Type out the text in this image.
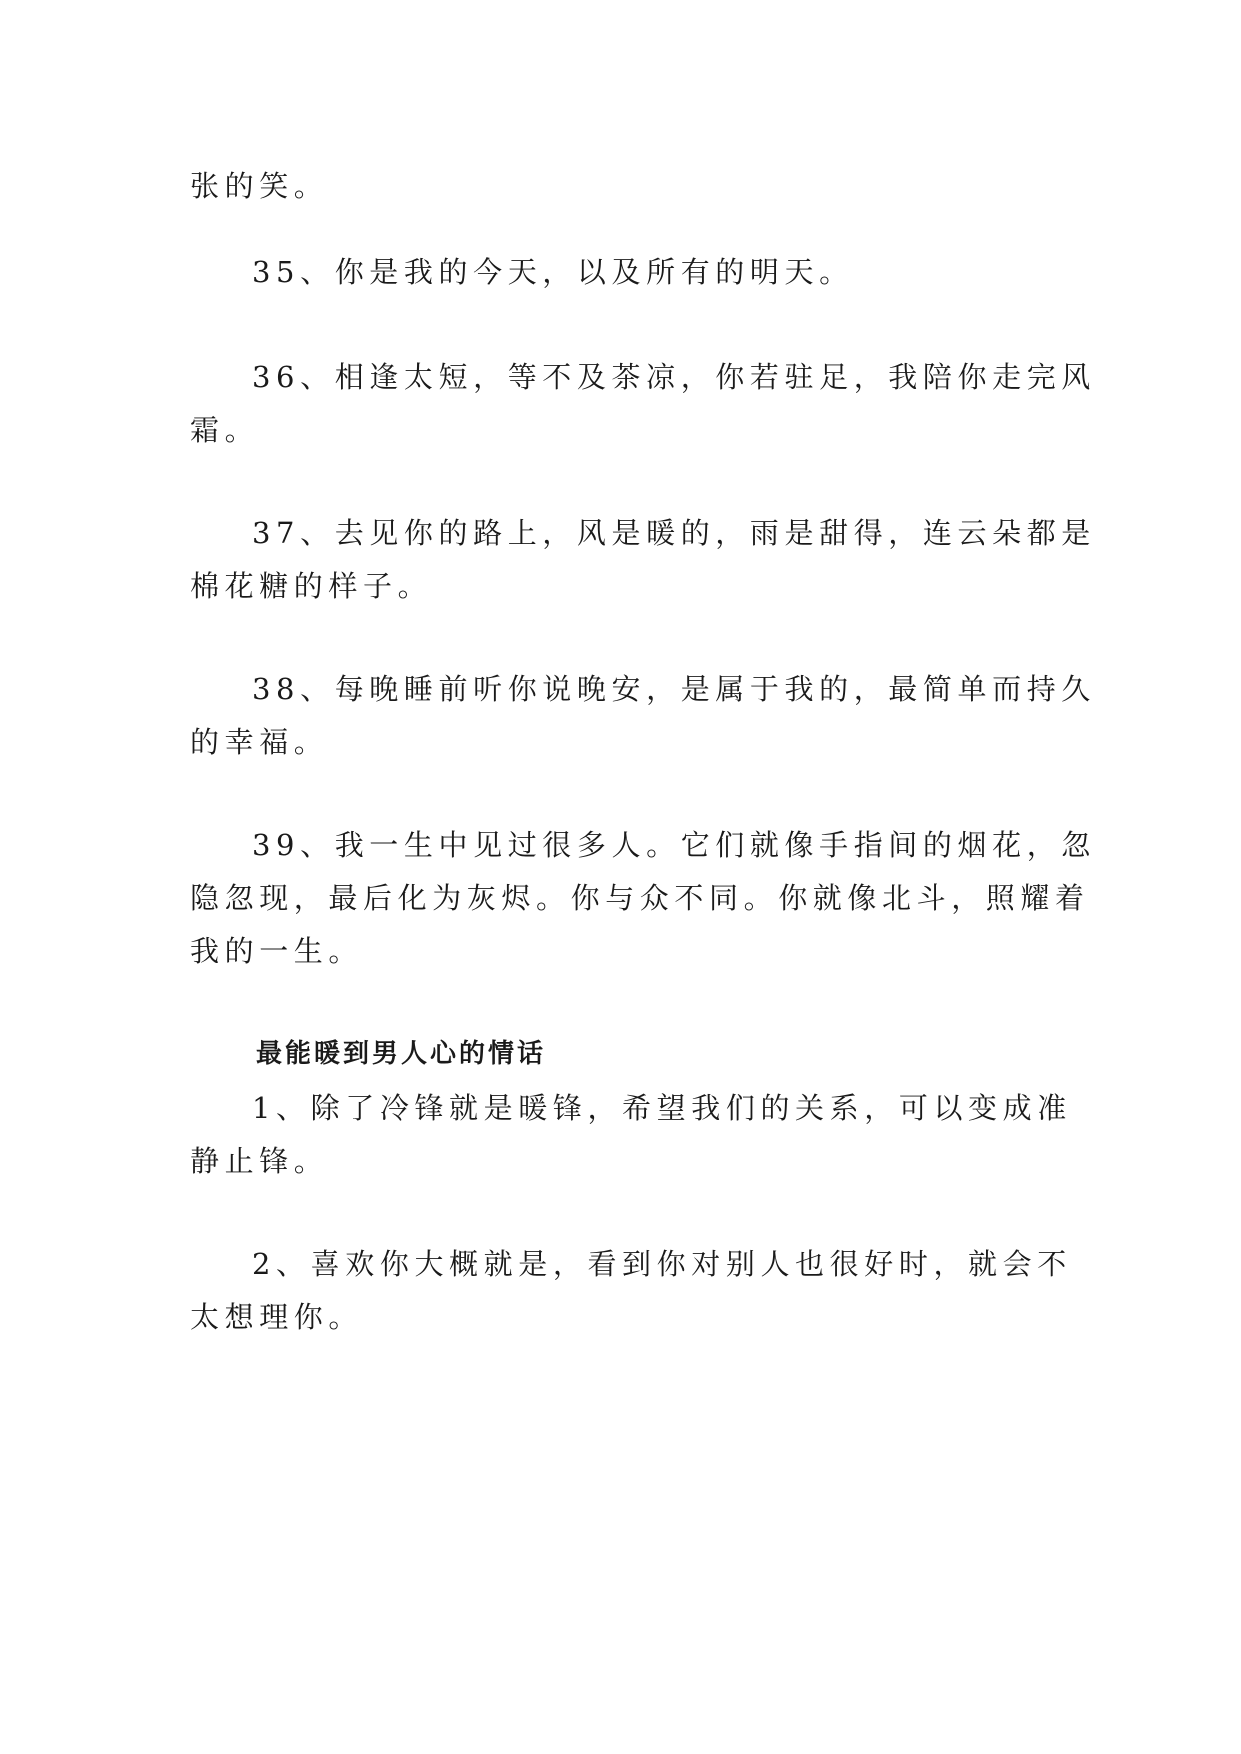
张的笑。

35、你是我的今天，以及所有的明天。

36、相逢太短，等不及茶凉，你若驻足，我陪你走完风

霜。

37、去见你的路上，风是暖的，雨是甜得，连云朵都是

棉花糖的样子。

38、每晚睡前听你说晚安，是属于我的，最简单而持久

的幸福。

39、我一生中见过很多人。它们就像手指间的烟花，忽

隐忽现，最后化为灰烬。你与众不同。你就像北斗，照耀着

我的一生。

最能暖到男人心的情话

1、除了冷锋就是暖锋，希望我们的关系，可以变成准

静止锋。

2、喜欢你大概就是，看到你对别人也很好时，就会不

太想理你。
